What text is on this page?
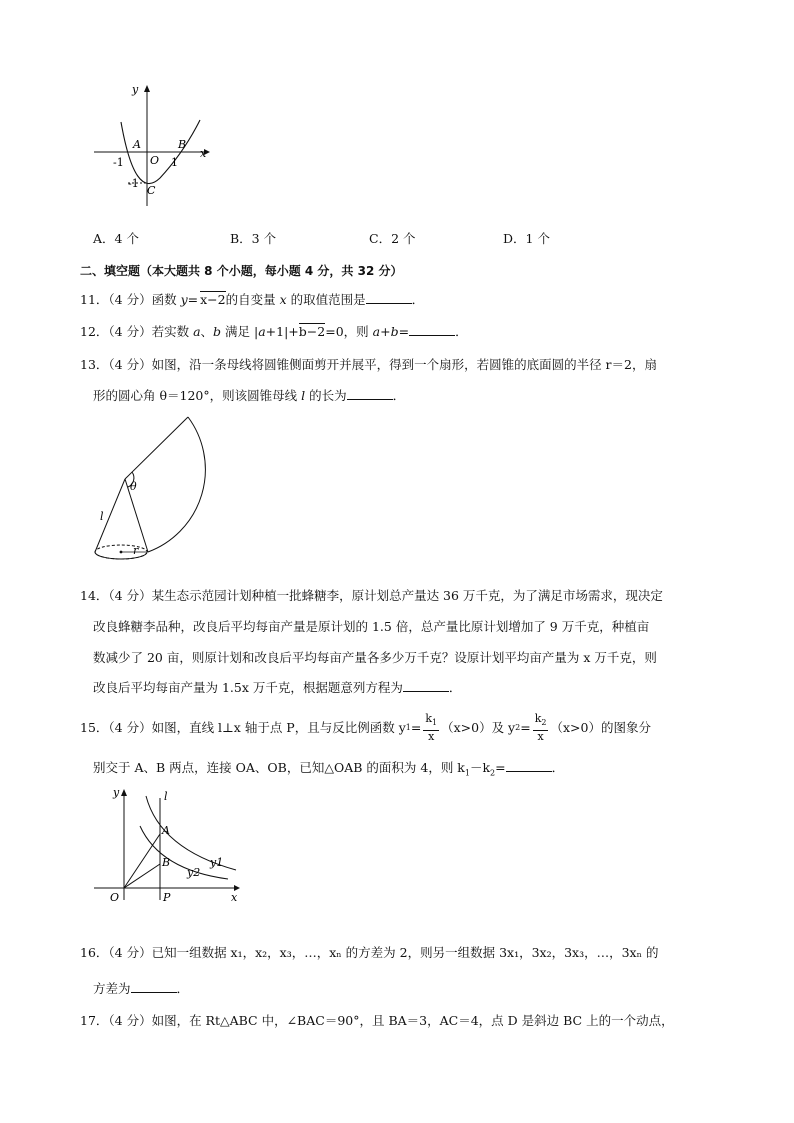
y
x
A	B
C
O
-1	1
-1
A．4 个	B．3 个	C．2 个	D．1 个
二、填空题（本大题共 8 个小题，每小题 4 分，共 32 分）
11．（4 分）函数 y= x−2的自变量 x 的取值范围是	．
12．（4 分）若实数 a、b 满足 |a+1|+b−2=0，则 a+b=	．
13．（4 分）如图，沿一条母线将圆锥侧面剪开并展平，得到一个扇形，若圆锥的底面圆的半径 r＝2，扇
形的圆心角 θ＝120°，则该圆锥母线 l 的长为	．
θ
l
r
14．（4 分）某生态示范园计划种植一批蜂糖李，原计划总产量达 36 万千克，为了满足市场需求，现决定
改良蜂糖李品种，改良后平均每亩产量是原计划的 1.5 倍，总产量比原计划增加了 9 万千克，种植亩
数减少了 20 亩，则原计划和改良后平均每亩产量各多少万千克？设原计划平均亩产量为 x 万千克，则
改良后平均每亩产量为 1.5x 万千克，根据题意列方程为	．
15．（4 分）如图，直线 l⊥x 轴于点 P，且与反比例函数 y $1 = \frac{k_1}{x} (x>0)$及 y $2 = \frac{k_2}{x} (x>0)$的图象分
别交于 A、B 两点，连接 OA、OB，已知△OAB 的面积为 4，则 $k_1-k_2=$	．
y	l
A
B	y1
y2
O	P	x
16．（4 分）已知一组数据 x₁，x₂，x₃，…，xₙ 的方差为 2，则另一组数据 3x₁，3x₂，3x₃，…，3xₙ 的
方差为	．
17．（4 分）如图，在 Rt△ABC 中，∠BAC＝90°，且 BA＝3，AC＝4，点 D 是斜边 BC 上的一个动点，
